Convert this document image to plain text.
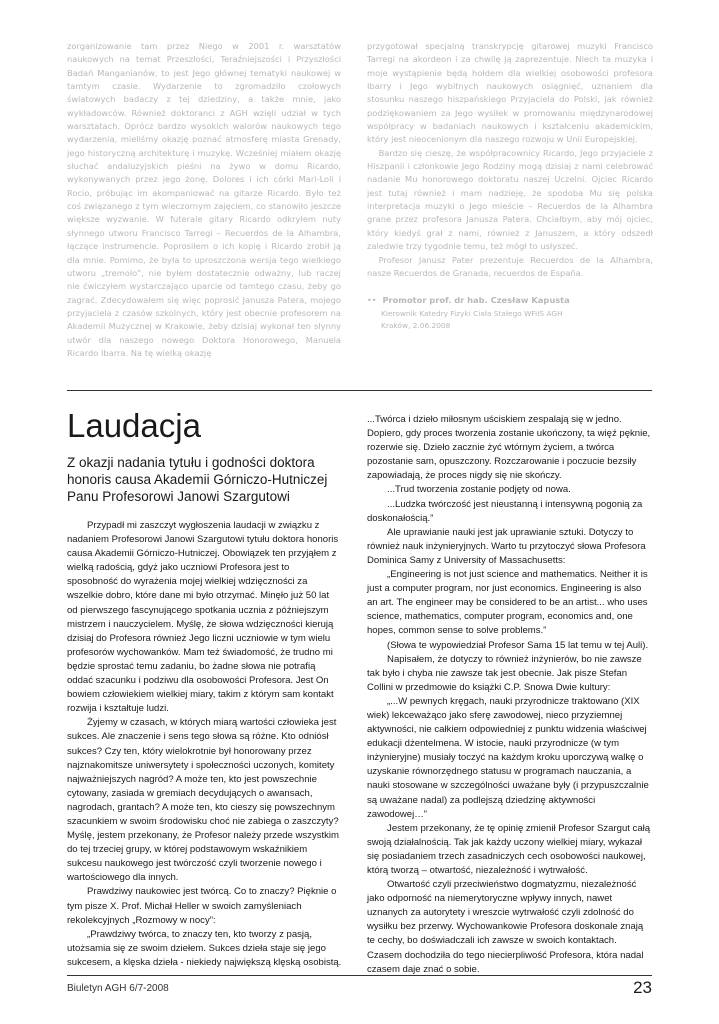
zorganizowanie tam przez Niego w 2001 r. warsztatów naukowych na temat Przeszłości, Teraźniejszości i Przyszłości Badań Manganianów, to jest Jego głównej tematyki naukowej w tamtym czasie. Wydarzenie to zgromadziło czołowych światowych badaczy z tej dziedziny, a także mnie, jako wykładowców. Również doktoranci z AGH wzięli udział w tych warsztatach. Oprócz bardzo wysokich walorów naukowych tego wydarzenia, mieliśmy okazję poznać atmosferę miasta Grenady, jego historyczną architekturę i muzykę. Wcześniej miałem okazję słuchać andaluzyjskich pieśni na żywo w domu Ricardo, wykonywanych przez jego żonę, Dolores i ich córki Mari-Loli i Rocio, próbując im akompaniować na gitarze Ricardo. Było też coś związanego z tym wieczornym zajęciem, co stanowiło jeszcze większe wyzwanie. W futerale gitary Ricardo odkryłem nuty słynnego utworu Francisco Tarregi – Recuerdos de la Alhambra, łączące instrumencie. Poprosiłem o ich kopię i Ricardo zrobił ją dla mnie. Pomimo, że była to uproszczona wersja tego wielkiego utworu „tremolo”, nie byłem dostatecznie odważny, lub raczej nie ćwiczyłem wystarczająco uparcie od tamtego czasu, żeby go zagrać. Zdecydowałem się więc poprosić Janusza Patera, mojego przyjaciela z czasów szkolnych, który jest obecnie profesorem na Akademii Muzycznej w Krakowie, żeby dzisiaj wykonał ten słynny utwór dla naszego nowego Doktora Honorowego, Manuela Ricardo Ibarra. Na tę wielką okazję

przygotował specjalną transkrypcję gitarowej muzyki Francisco Tarregi na akordeon i za chwilę ją zaprezentuje. Niech ta muzyka i moje wystąpienie będą hołdem dla wielkiej osobowości profesora Ibarry i Jego wybitnych naukowych osiągnięć, uznaniem dla stosunku naszego hiszpańskiego Przyjaciela do Polski, jak również podziękowaniem za Jego wysiłek w promowaniu międzynarodowej współpracy w badaniach naukowych i kształceniu akademickim, który jest nieocenionym dla naszego rozwoju w Unii Europejskiej.

Bardzo się cieszę, że współpracownicy Ricardo, Jego przyjaciele z Hiszpanii i członkowie Jego Rodziny mogą dzisiaj z nami celebrować nadanie Mu honorowego doktoratu naszej Uczelni. Ojciec Ricardo jest tutaj również i mam nadzieję, że spodoba Mu się polska interpretacja muzyki o Jego mieście – Recuerdos de la Alhambra grane przez profesora Janusza Patera. Chciałbym, aby mój ojciec, który kiedyś grał z nami, również z Januszem, a który odszedł zaledwie trzy tygodnie temu, też mógł to usłyszeć.

Profesor Janusz Pater prezentuje Recuerdos de la Alhambra, nasze Recuerdos de Granada, recuerdos de España.

•• Promotor prof. dr hab. Czesław Kapusta

Kierownik Katedry Fizyki Ciała Stałego WFiIS AGH

Kraków, 2.06.2008

Laudacja
Z okazji nadania tytułu i godności doktora honoris causa Akademii Górniczo-Hutniczej Panu Profesorowi Janowi Szargutowi

Przypadł mi zaszczyt wygłoszenia laudacji w związku z nadaniem Profesorowi Janowi Szargutowi tytułu doktora honoris causa Akademii Górniczo-Hutniczej. Obowiązek ten przyjąłem z wielką radością, gdyż jako uczniowi Profesora jest to sposobność do wyrażenia mojej wielkiej wdzięczności za wszelkie dobro, które dane mi było otrzymać. Minęło już 50 lat od pierwszego fascynującego spotkania ucznia z późniejszym mistrzem i nauczycielem. Myślę, że słowa wdzięczności kierują dzisiaj do Profesora również Jego liczni uczniowie w tym wielu profesorów wychowanków. Mam też świadomość, że trudno mi będzie sprostać temu zadaniu, bo żadne słowa nie potrafią oddać szacunku i podziwu dla osobowości Profesora. Jest On bowiem człowiekiem wielkiej miary, takim z którym sam kontakt rozwija i kształtuje ludzi.

Żyjemy w czasach, w których miarą wartości człowieka jest sukces. Ale znaczenie i sens tego słowa są różne. Kto odniósł sukces? Czy ten, który wielokrotnie był honorowany przez najznakomitsze uniwersytety i społeczności uczonych, komitety najważniejszych nagród? A może ten, kto jest powszechnie cytowany, zasiada w gremiach decydujących o awansach, nagrodach, grantach? A może ten, kto cieszy się powszechnym szacunkiem w swoim środowisku choć nie zabiega o zaszczyty? Myślę, jestem przekonany, że Profesor należy przede wszystkim do tej trzeciej grupy, w której podstawowym wskaźnikiem sukcesu naukowego jest twórczość czyli tworzenie nowego i wartościowego dla innych.

Prawdziwy naukowiec jest twórcą. Co to znaczy? Pięknie o tym pisze X. Prof. Michał Heller w swoich zamyśleniach rekolekcyjnych „Rozmowy w nocy”:

„Prawdziwy twórca, to znaczy ten, kto tworzy z pasją, utożsamia się ze swoim dziełem. Sukces dzieła staje się jego sukcesem, a klęska dzieła - niekiedy największą klęską osobistą.

...Twórca i dzieło miłosnym uściskiem zespalają się w jedno. Dopiero, gdy proces tworzenia zostanie ukończony, ta więź pęknie, rozerwie się. Dzieło zacznie żyć wtórnym życiem, a twórca pozostanie sam, opuszczony. Rozczarowanie i poczucie bezsiły zapowiadają, że proces nigdy się nie skończy.

...Trud tworzenia zostanie podjęty od nowa.

...Ludzka twórczość jest nieustanną i intensywną pogonią za doskonałością.”

Ale uprawianie nauki jest jak uprawianie sztuki. Dotyczy to również nauk inżynieryjnych. Warto tu przytoczyć słowa Profesora Dominica Samy z University of Massachusetts:

„Engineering is not just science and mathematics. Neither it is just a computer program, nor just economics. Engineering is also an art. The engineer may be considered to be an artist... who uses science, mathematics, computer program, economics and, one hopes, common sense to solve problems.”

(Słowa te wypowiedział Profesor Sama 15 lat temu w tej Auli).

Napisałem, że dotyczy to również inżynierów, bo nie zawsze tak było i chyba nie zawsze tak jest obecnie. Jak pisze Stefan Collini w przedmowie do książki C.P. Snowa Dwie kultury:

„...W pewnych kręgach, nauki przyrodnicze traktowano (XIX wiek) lekceważąco jako sferę zawodowej, nieco przyziemnej aktywności, nie całkiem odpowiedniej z punktu widzenia właściwej edukacji dżentelmena. W istocie, nauki przyrodnicze (w tym inżynieryjne) musiały toczyć na każdym kroku uporczywą walkę o uzyskanie równorzędnego statusu w programach nauczania, a nauki stosowane w szczególności uważane były (i przypuszczalnie są uważane nadal) za podlejszą dziedzinę aktywności zawodowej…”

Jestem przekonany, że tę opinię zmienił Profesor Szargut całą swoją działalnością. Tak jak każdy uczony wielkiej miary, wykazał się posiadaniem trzech zasadniczych cech osobowości naukowej, którą tworzą – otwartość, niezależność i wytrwałość.

Otwartość czyli przeciwieństwo dogmatyzmu, niezależność jako odporność na niemerytoryczne wpływy innych, nawet uznanych za autorytety i wreszcie wytrwałość czyli zdolność do wysiłku bez przerwy. Wychowankowie Profesora doskonale znają te cechy, bo doświadczali ich zawsze w swoich kontaktach. Czasem dochodziła do tego niecierpliwość Profesora, która nadal czasem daje znać o sobie.

Biuletyn AGH 6/7-2008	23
